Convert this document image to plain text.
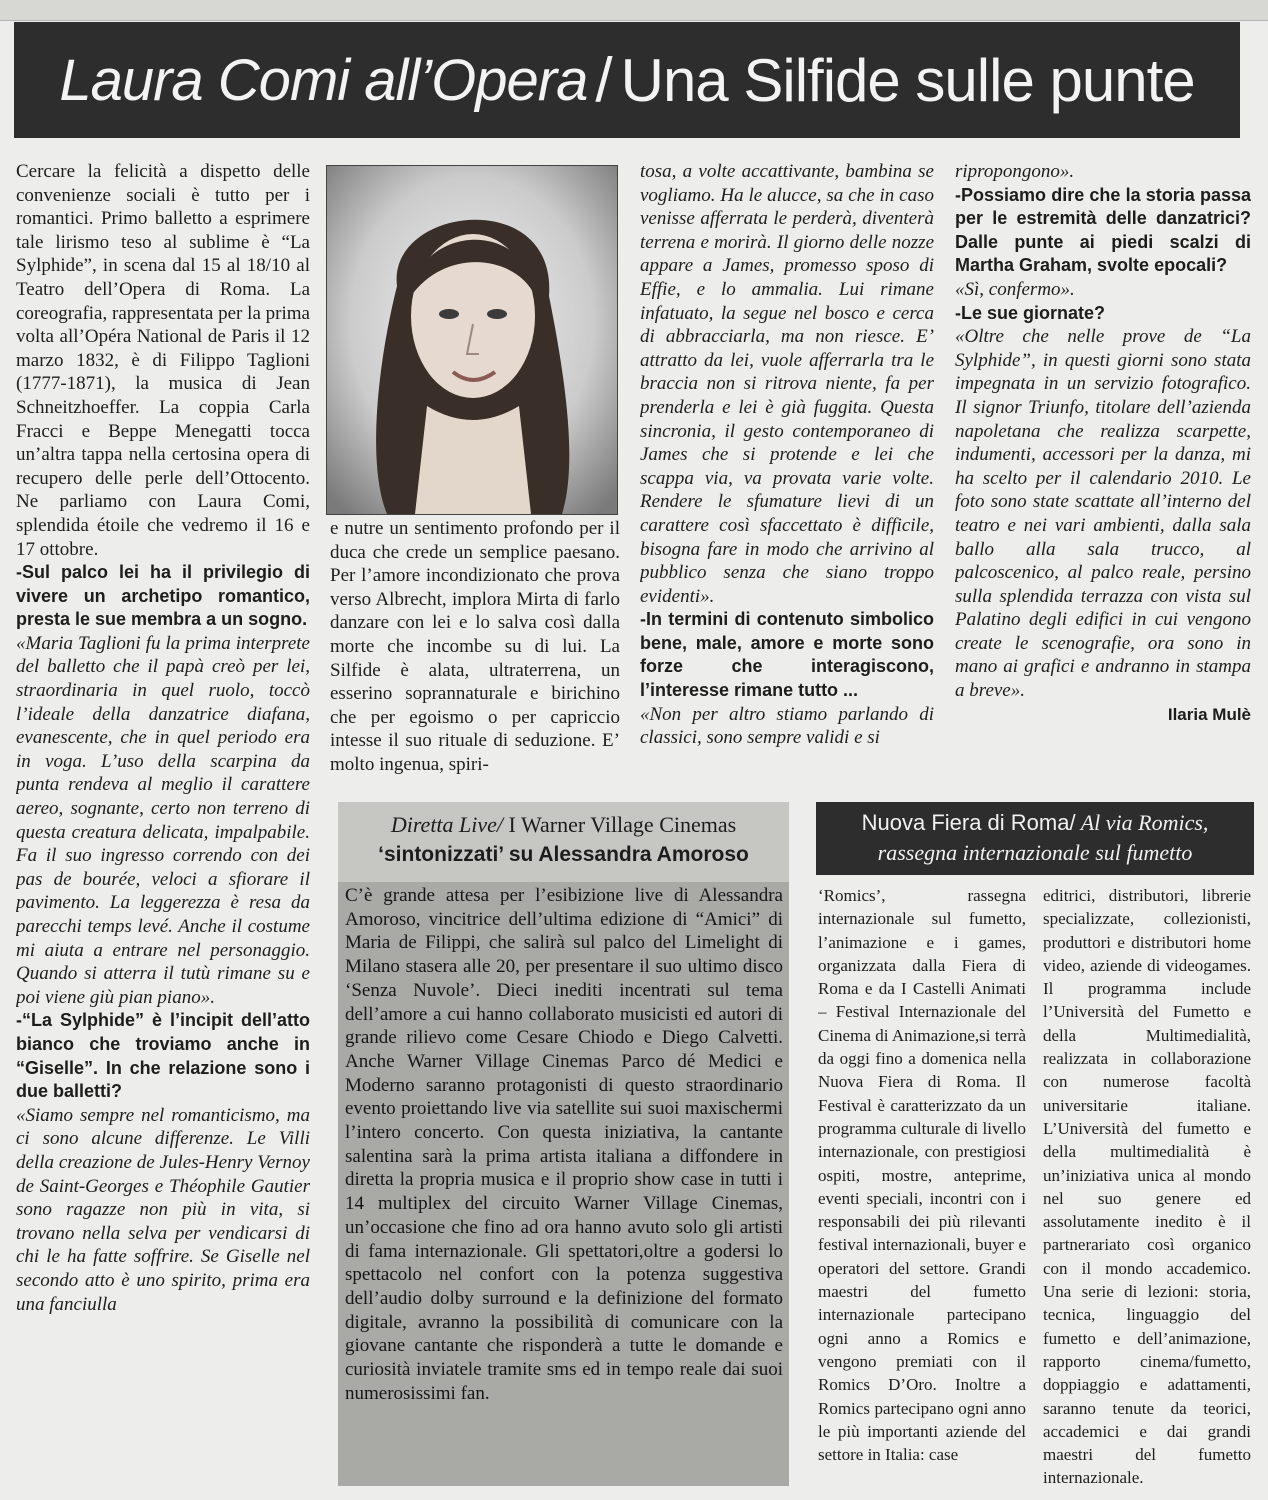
Laura Comi all’Opera / Una Silfide sulle punte

Cercare la felicità a dispetto delle convenienze sociali è tutto per i romantici. Primo balletto a esprimere tale lirismo teso al sublime è “La Sylphide”, in scena dal 15 al 18/10 al Teatro dell’Opera di Roma. La coreografia, rappresentata per la prima volta all’Opéra National de Paris il 12 marzo 1832, è di Filippo Taglioni (1777-1871), la musica di Jean Schneitzhoeffer. La coppia Carla Fracci e Beppe Menegatti tocca un’altra tappa nella certosina opera di recupero delle perle dell’Ottocento. Ne parliamo con Laura Comi, splendida étoile che vedremo il 16 e 17 ottobre.

-Sul palco lei ha il privilegio di vivere un archetipo romantico, presta le sue membra a un sogno.

«Maria Taglioni fu la prima interprete del balletto che il papà creò per lei, straordinaria in quel ruolo, toccò l’ideale della danzatrice diafana, evanescente, che in quel periodo era in voga. L’uso della scarpina da punta rendeva al meglio il carattere aereo, sognante, certo non terreno di questa creatura delicata, impalpabile. Fa il suo ingresso correndo con dei pas de bourée, veloci a sfiorare il pavimento. La leggerezza è resa da parecchi temps levé. Anche il costume mi aiuta a entrare nel personaggio. Quando si atterra il tutù rimane su e poi viene giù pian piano».

-“La Sylphide” è l’incipit dell’atto bianco che troviamo anche in “Giselle”. In che relazione sono i due balletti?

«Siamo sempre nel romanticismo, ma ci sono alcune differenze. Le Villi della creazione de Jules-Henry Vernoy de Saint-Georges e Théophile Gautier sono ragazze non più in vita, si trovano nella selva per vendicarsi di chi le ha fatte soffrire. Se Giselle nel secondo atto è uno spirito, prima era una fanciulla

e nutre un sentimento profondo per il duca che crede un semplice paesano. Per l’amore incondizionato che prova verso Albrecht, implora Mirta di farlo danzare con lei e lo salva così dalla morte che incombe su di lui. La Silfide è alata, ultraterrena, un esserino soprannaturale e birichino che per egoismo o per capriccio intesse il suo rituale di seduzione. E’ molto ingenua, spiri-

tosa, a volte accattivante, bambina se vogliamo. Ha le alucce, sa che in caso venisse afferrata le perderà, diventerà terrena e morirà. Il giorno delle nozze appare a James, promesso sposo di Effie, e lo ammalia. Lui rimane infatuato, la segue nel bosco e cerca di abbracciarla, ma non riesce. E’ attratto da lei, vuole afferrarla tra le braccia non si ritrova niente, fa per prenderla e lei è già fuggita. Questa sincronia, il gesto contemporaneo di James che si protende e lei che scappa via, va provata varie volte. Rendere le sfumature lievi di un carattere così sfaccettato è difficile, bisogna fare in modo che arrivino al pubblico senza che siano troppo evidenti».

-In termini di contenuto simbolico bene, male, amore e morte sono forze che interagiscono, l’interesse rimane tutto ...

«Non per altro stiamo parlando di classici, sono sempre validi e si

ripropongono».

-Possiamo dire che la storia passa per le estremità delle danzatrici? Dalle punte ai piedi scalzi di Martha Graham, svolte epocali?

«Sì, confermo».

-Le sue giornate?

«Oltre che nelle prove de “La Sylphide”, in questi giorni sono stata impegnata in un servizio fotografico. Il signor Triunfo, titolare dell’azienda napoletana che realizza scarpette, indumenti, accessori per la danza, mi ha scelto per il calendario 2010. Le foto sono state scattate all’interno del teatro e nei vari ambienti, dalla sala ballo alla sala trucco, al palcoscenico, al palco reale, persino sulla splendida terrazza con vista sul Palatino degli edifici in cui vengono create le scenografie, ora sono in mano ai grafici e andranno in stampa a breve».

Ilaria Mulè

Diretta Live/ I Warner Village Cinemas
‘sintonizzati’ su Alessandra Amoroso
C’è grande attesa per l’esibizione live di Alessandra Amoroso, vincitrice dell’ultima edizione di “Amici” di Maria de Filippi, che salirà sul palco del Limelight di Milano stasera alle 20, per presentare il suo ultimo disco ‘Senza Nuvole’. Dieci inediti incentrati sul tema dell’amore a cui hanno collaborato musicisti ed autori di grande rilievo come Cesare Chiodo e Diego Calvetti. Anche Warner Village Cinemas Parco dé Medici e Moderno saranno protagonisti di questo straordinario evento proiettando live via satellite sui suoi maxischermi l’intero concerto. Con questa iniziativa, la cantante salentina sarà la prima artista italiana a diffondere in diretta la propria musica e il proprio show case in tutti i 14 multiplex del circuito Warner Village Cinemas, un’occasione che fino ad ora hanno avuto solo gli artisti di fama internazionale. Gli spettatori,oltre a godersi lo spettacolo nel confort con la potenza suggestiva dell’audio dolby surround e la definizione del formato digitale, avranno la possibilità di comunicare con la giovane cantante che risponderà a tutte le domande e curiosità inviatele tramite sms ed in tempo reale dai suoi numerosissimi fan.
Nuova Fiera di Roma/ Al via Romics,
rassegna internazionale sul fumetto

‘Romics’, rassegna internazionale sul fumetto, l’animazione e i games, organizzata dalla Fiera di Roma e da I Castelli Animati – Festival Internazionale del Cinema di Animazione,si terrà da oggi fino a domenica nella Nuova Fiera di Roma. Il Festival è caratterizzato da un programma culturale di livello internazionale, con prestigiosi ospiti, mostre, anteprime, eventi speciali, incontri con i responsabili dei più rilevanti festival internazionali, buyer e operatori del settore. Grandi maestri del fumetto internazionale partecipano ogni anno a Romics e vengono premiati con il Romics D’Oro. Inoltre a Romics partecipano ogni anno le più importanti aziende del settore in Italia: case

editrici, distributori, librerie specializzate, collezionisti, produttori e distributori home video, aziende di videogames. Il programma include l’Università del Fumetto e della Multimedialità, realizzata in collaborazione con numerose facoltà universitarie italiane. L’Università del fumetto e della multimedialità è un’iniziativa unica al mondo nel suo genere ed assolutamente inedito è il partnerariato così organico con il mondo accademico. Una serie di lezioni: storia, tecnica, linguaggio del fumetto e dell’animazione, rapporto cinema/fumetto, doppiaggio e adattamenti, saranno tenute da teorici, accademici e dai grandi maestri del fumetto internazionale.
